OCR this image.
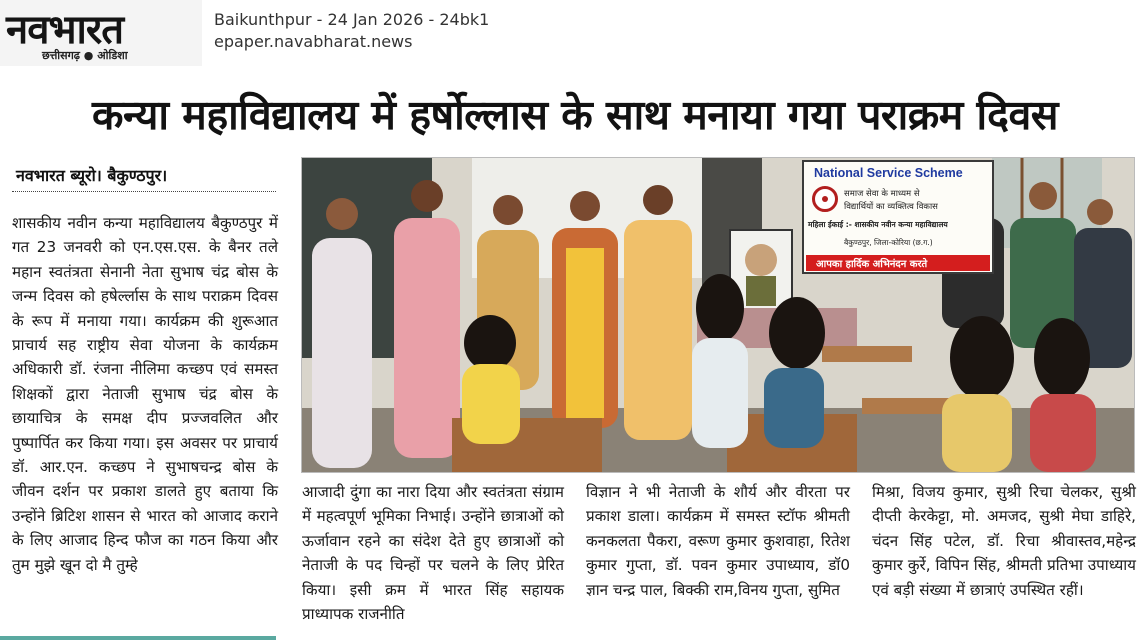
नवभारत
छत्तीसगढ़ ● ओडिशा
Baikunthpur - 24 Jan 2026 - 24bk1
epaper.navabharat.news
कन्या महाविद्यालय में हर्षोल्लास के साथ मनाया गया पराक्रम दिवस
नवभारत ब्यूरो। बैकुण्ठपुर।

शासकीय नवीन कन्या महाविद्यालय बैकुण्ठपुर में गत 23 जनवरी को एन.एस.एस. के बैनर तले महान स्वतंत्रता सेनानी नेता सुभाष चंद्र बोस के जन्म दिवस को हषेर्ल्लास के साथ पराक्रम दिवस के रूप में मनाया गया। कार्यक्रम की शुरूआत प्राचार्य सह राष्ट्रीय सेवा योजना के कार्यक्रम अधिकारी डॉ. रंजना नीलिमा कच्छप एवं समस्त शिक्षकों द्वारा नेताजी सुभाष चंद्र बोस के छायाचित्र के समक्ष दीप प्रज्जवलित और पुष्पार्पित कर किया गया। इस अवसर पर प्राचार्य डॉ. आर.एन. कच्छप ने सुभाषचन्द्र बोस के जीवन दर्शन पर प्रकाश डालते हुए बताया कि उन्होंने ब्रिटिश शासन से भारत को आजाद कराने के लिए आजाद हिन्द फौज का गठन किया और तुम मुझे खून दो मै तुम्हे

National Service Scheme
समाज सेवा के माध्यम से
विद्यार्थियों का व्यक्तित्व विकास
महिला ईकाई :- शासकीय नवीन कन्या महाविद्यालय
बैकुण्ठपुर, जिला-कोरिया (छ.ग.)
आपका हार्दिक अभिनंदन करते

आजादी दुंगा का नारा दिया और स्वतंत्रता संग्राम में महत्वपूर्ण भूमिका निभाई। उन्होंने छात्राओं को ऊर्जावान रहने का संदेश देते हुए छात्राओं को नेताजी के पद चिन्हों पर चलने के लिए प्रेरित किया। इसी क्रम में भारत सिंह सहायक प्राध्यापक राजनीति

विज्ञान ने भी नेताजी के शौर्य और वीरता पर प्रकाश डाला। कार्यक्रम में समस्त स्टॉफ श्रीमती कनकलता पैकरा, वरूण कुमार कुशवाहा, रितेश कुमार गुप्ता, डॉ. पवन कुमार उपाध्याय, डॉ0 ज्ञान चन्द्र पाल, बिक्की राम,विनय गुप्ता, सुमित

मिश्रा, विजय कुमार, सुश्री रिचा चेलकर, सुश्री दीप्ती केरकेट्टा, मो. अमजद, सुश्री मेघा डाहिरे, चंदन सिंह पटेल, डॉ. रिचा श्रीवास्तव,महेन्द्र कुमार कुर्रे, विपिन सिंह, श्रीमती प्रतिभा उपाध्याय एवं बड़ी संख्या में छात्राएं उपस्थित रहीं।
